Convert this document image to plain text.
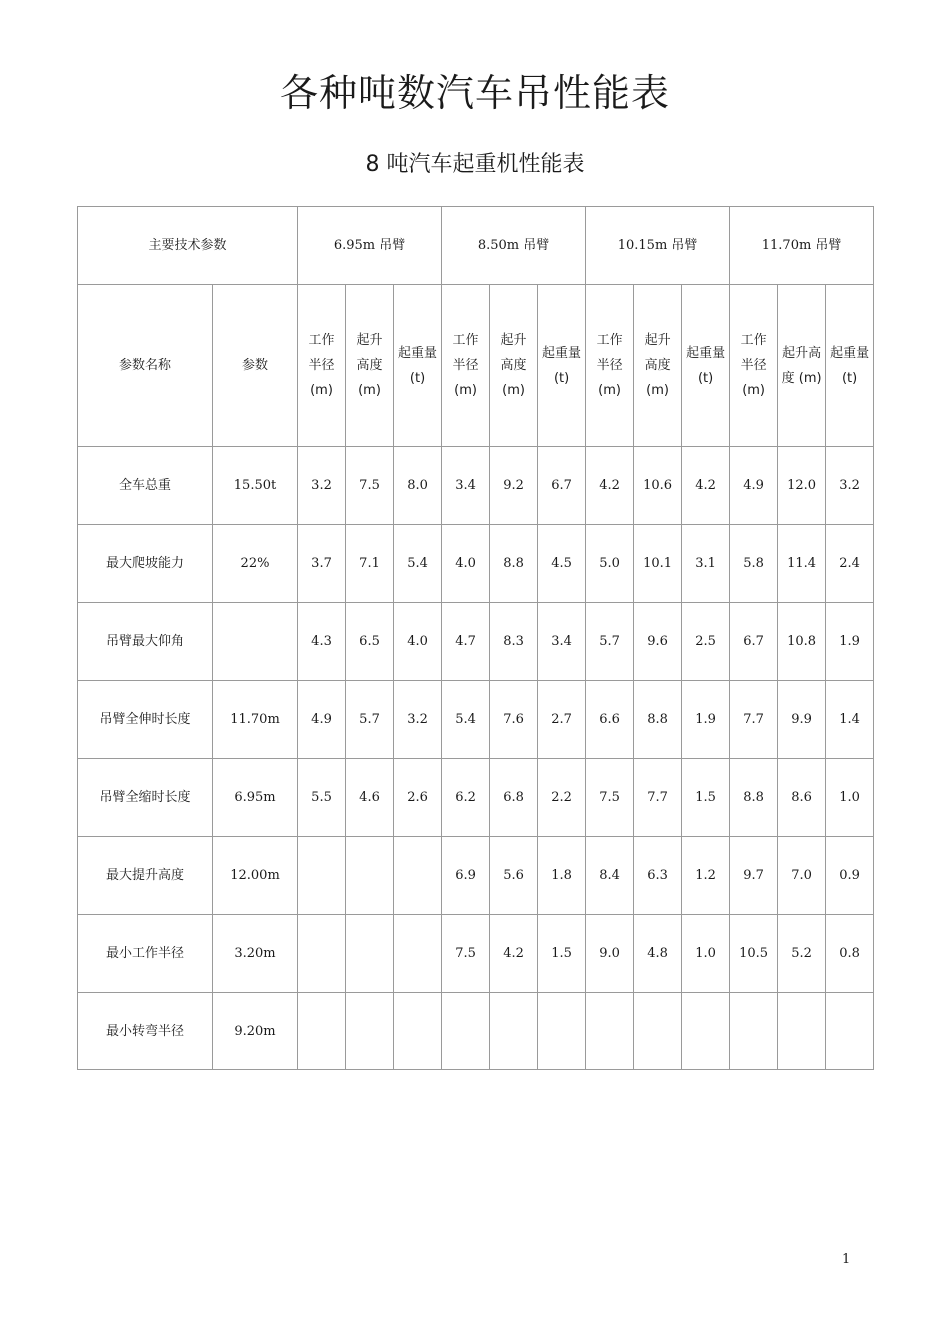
各种吨数汽车吊性能表
8 吨汽车起重机性能表
主要技术参数		6.95m 吊臂			8.50m 吊臂			10.15m 吊臂			11.70m 吊臂		
参数名称	参数	工作
半径
(m)	起升
高度
(m)	起重量
(t)	工作
半径
(m)	起升
高度
(m)	起重量
(t)	工作
半径
(m)	起升
高度
(m)	起重量
(t)	工作
半径
(m)	起升高
度 (m)	起重量
(t)
全车总重	15.50t	3.2	7.5	8.0	3.4	9.2	6.7	4.2	10.6	4.2	4.9	12.0	3.2
最大爬坡能力	22%	3.7	7.1	5.4	4.0	8.8	4.5	5.0	10.1	3.1	5.8	11.4	2.4
吊臂最大仰角		4.3	6.5	4.0	4.7	8.3	3.4	5.7	9.6	2.5	6.7	10.8	1.9
吊臂全伸时长度	11.70m	4.9	5.7	3.2	5.4	7.6	2.7	6.6	8.8	1.9	7.7	9.9	1.4
吊臂全缩时长度	6.95m	5.5	4.6	2.6	6.2	6.8	2.2	7.5	7.7	1.5	8.8	8.6	1.0
最大提升高度	12.00m				6.9	5.6	1.8	8.4	6.3	1.2	9.7	7.0	0.9
最小工作半径	3.20m				7.5	4.2	1.5	9.0	4.8	1.0	10.5	5.2	0.8
最小转弯半径	9.20m												
1
